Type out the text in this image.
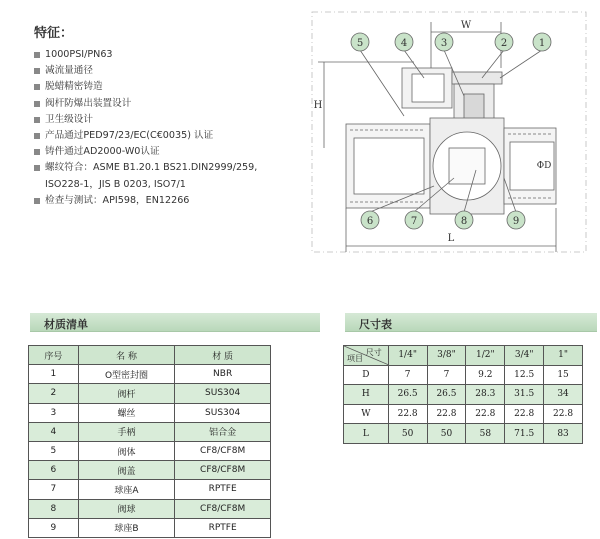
特征：
1000PSI/PN63
减流量通径
脱蜡精密铸造
阀杆防爆出装置设计
卫生级设计
产品通过PED97/23/EC(C€0035) 认证
铸件通过AD2000-W0认证
螺纹符合：ASME B1.20.1 BS21.DIN2999/259,
ISO228-1，JIS B 0203, ISO7/1
检查与测试：API598，EN12266
5	4	3	2	1
6	7	8	9
W
H
L
ΦD
材质清单	尺寸表
序号	名 称	材 质
1	O型密封圈	NBR
2	阀杆	SUS304
3	螺丝	SUS304
4	手柄	铝合金
5	阀体	CF8/CF8M
6	阀盖	CF8/CF8M
7	球座A	RPTFE
8	阀球	CF8/CF8M
9	球座B	RPTFE
尺寸
项目	1/4"	3/8"	1/2"	3/4"	1"
D	7	7	9.2	12.5	15
H	26.5	26.5	28.3	31.5	34
W	22.8	22.8	22.8	22.8	22.8
L	50	50	58	71.5	83
